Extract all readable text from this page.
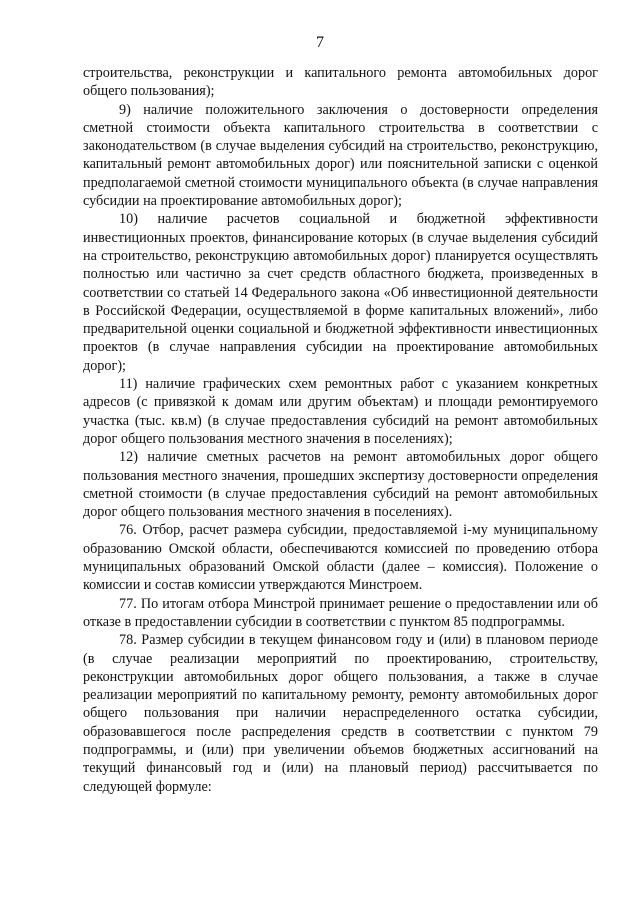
7

строительства, реконструкции и капитального ремонта автомобильных дорог общего пользования);

9) наличие положительного заключения о достоверности определения сметной стоимости объекта капитального строительства в соответствии с законодательством (в случае выделения субсидий на строительство, реконструкцию, капитальный ремонт автомобильных дорог) или пояснительной записки с оценкой предполагаемой сметной стоимости муниципального объекта (в случае направления субсидии на проектирование автомобильных дорог);

10) наличие расчетов социальной и бюджетной эффективности инвестиционных проектов, финансирование которых (в случае выделения субсидий на строительство, реконструкцию автомобильных дорог) планируется осуществлять полностью или частично за счет средств областного бюджета, произведенных в соответствии со статьей 14 Федерального закона «Об инвестиционной деятельности в Российской Федерации, осуществляемой в форме капитальных вложений», либо предварительной оценки социальной и бюджетной эффективности инвестиционных проектов (в случае направления субсидии на проектирование автомобильных дорог);

11) наличие графических схем ремонтных работ с указанием конкретных адресов (с привязкой к домам или другим объектам) и площади ремонтируемого участка (тыс. кв.м) (в случае предоставления субсидий на ремонт автомобильных дорог общего пользования местного значения в поселениях);

12) наличие сметных расчетов на ремонт автомобильных дорог общего пользования местного значения, прошедших экспертизу достоверности определения сметной стоимости (в случае предоставления субсидий на ремонт автомобильных дорог общего пользования местного значения в поселениях).

76. Отбор, расчет размера субсидии, предоставляемой i-му муниципальному образованию Омской области, обеспечиваются комиссией по проведению отбора муниципальных образований Омской области (далее – комиссия). Положение о комиссии и состав комиссии утверждаются Минстроем.

77. По итогам отбора Минстрой принимает решение о предоставлении или об отказе в предоставлении субсидии в соответствии с пунктом 85 подпрограммы.

78. Размер субсидии в текущем финансовом году и (или) в плановом периоде (в случае реализации мероприятий по проектированию, строительству, реконструкции автомобильных дорог общего пользования, а также в случае реализации мероприятий по капитальному ремонту, ремонту автомобильных дорог общего пользования при наличии нераспределенного остатка субсидии, образовавшегося после распределения средств в соответствии с пунктом 79 подпрограммы, и (или) при увеличении объемов бюджетных ассигнований на текущий финансовый год и (или) на плановый период) рассчитывается по следующей формуле:
